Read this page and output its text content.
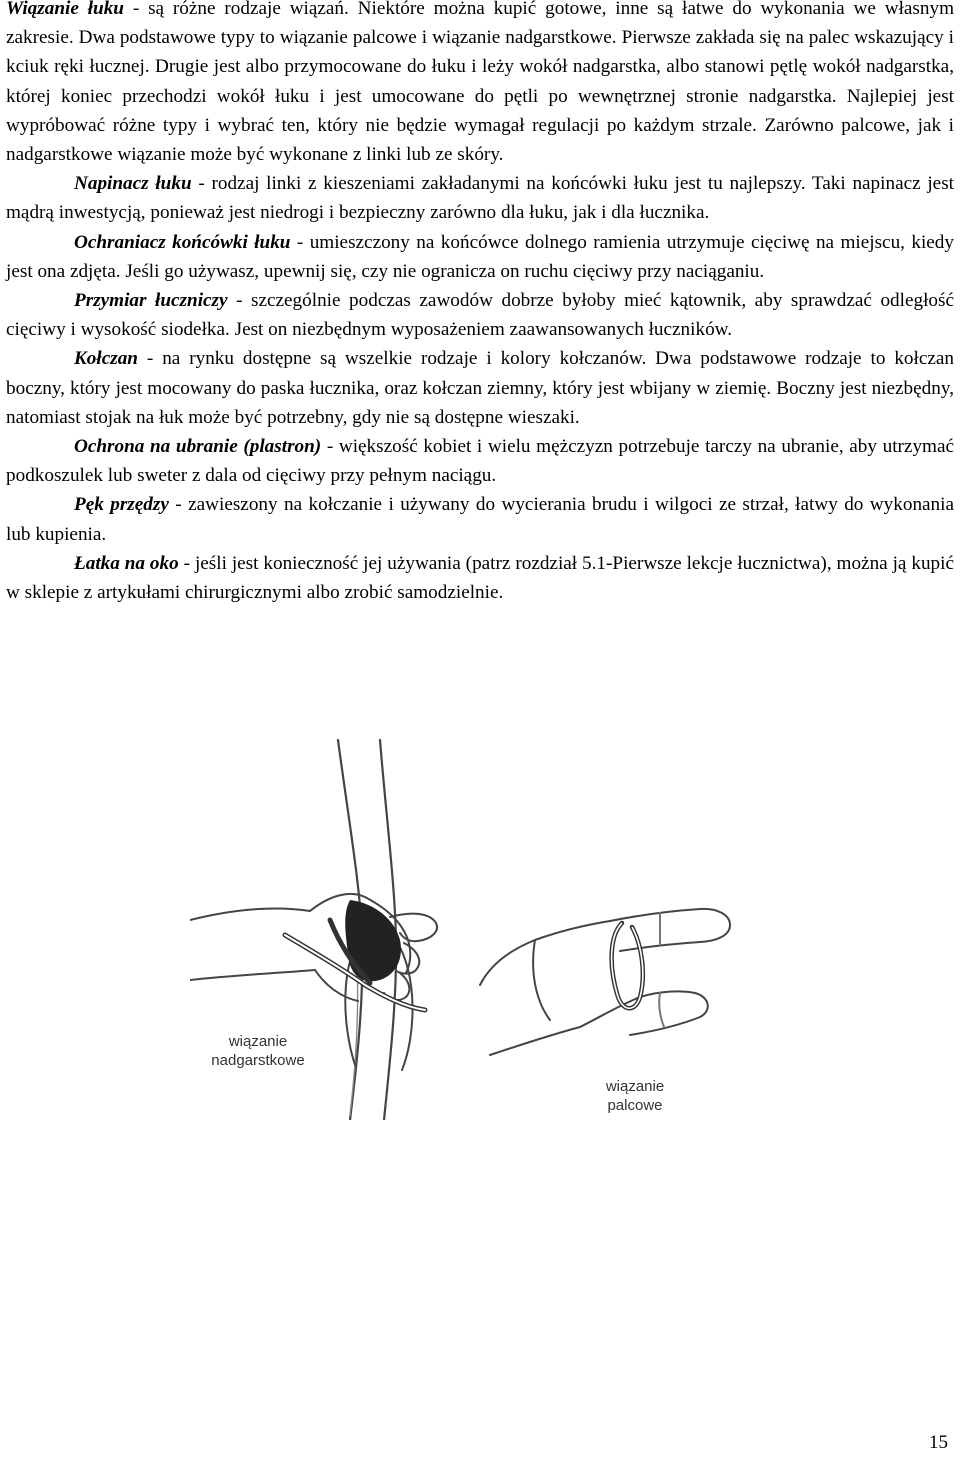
Wiązanie łuku - są różne rodzaje wiązań. Niektóre można kupić gotowe, inne są łatwe do wykonania we własnym zakresie. Dwa podstawowe typy to wiązanie palcowe i wiązanie nadgarstkowe. Pierwsze zakłada się na palec wskazujący i kciuk ręki łucznej. Drugie jest albo przymocowane do łuku i leży wokół nadgarstka, albo stanowi pętlę wokół nadgarstka, której koniec przechodzi wokół łuku i jest umocowane do pętli po wewnętrznej stronie nadgarstka. Najlepiej jest wypróbować różne typy i wybrać ten, który nie będzie wymagał regulacji po każdym strzale. Zarówno palcowe, jak i nadgarstkowe wiązanie może być wykonane z linki lub ze skóry.

Napinacz łuku - rodzaj linki z kieszeniami zakładanymi na końcówki łuku jest tu najlepszy. Taki napinacz jest mądrą inwestycją, ponieważ jest niedrogi i bezpieczny zarówno dla łuku, jak i dla łucznika.

Ochraniacz końcówki łuku - umieszczony na końcówce dolnego ramienia utrzymuje cięciwę na miejscu, kiedy jest ona zdjęta. Jeśli go używasz, upewnij się, czy nie ogranicza on ruchu cięciwy przy naciąganiu.

Przymiar łuczniczy - szczególnie podczas zawodów dobrze byłoby mieć kątownik, aby sprawdzać odległość cięciwy i wysokość siodełka. Jest on niezbędnym wyposażeniem zaawansowanych łuczników.

Kołczan - na rynku dostępne są wszelkie rodzaje i kolory kołczanów. Dwa podstawowe rodzaje to kołczan boczny, który jest mocowany do paska łucznika, oraz kołczan ziemny, który jest wbijany w ziemię. Boczny jest niezbędny, natomiast stojak na łuk może być potrzebny, gdy nie są dostępne wieszaki.

Ochrona na ubranie (plastron) - większość kobiet i wielu mężczyzn potrzebuje tarczy na ubranie, aby utrzymać podkoszulek lub sweter z dala od cięciwy przy pełnym naciągu.

Pęk przędzy - zawieszony na kołczanie i używany do wycierania brudu i wilgoci ze strzał, łatwy do wykonania lub kupienia.

Łatka na oko - jeśli jest konieczność jej używania (patrz rozdział 5.1-Pierwsze lekcje łucznictwa), można ją kupić w sklepie z artykułami chirurgicznymi albo zrobić samodzielnie.

wiązanie
nadgarstkowe
wiązanie
palcowe
15
